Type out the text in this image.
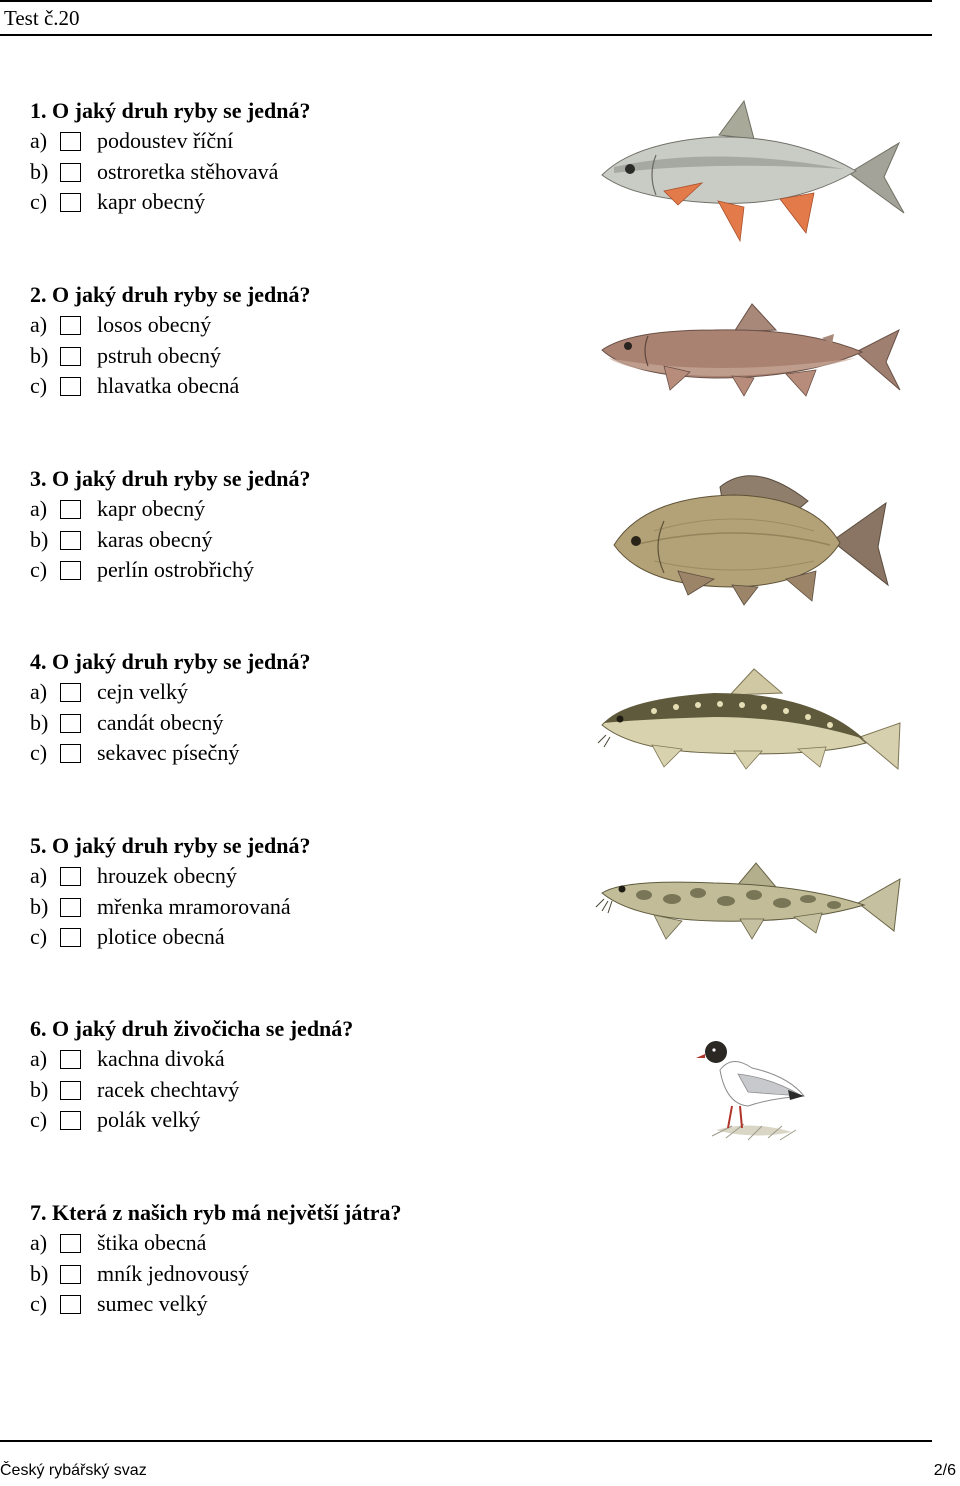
Test č.20
1. O jaký druh ryby se jedná?
a) podoustev říční
b) ostroretka stěhovavá
c) kapr obecný
2. O jaký druh ryby se jedná?
a) losos obecný
b) pstruh obecný
c) hlavatka obecná
3. O jaký druh ryby se jedná?
a) kapr obecný
b) karas obecný
c) perlín ostrobřichý
4. O jaký druh ryby se jedná?
a) cejn velký
b) candát obecný
c) sekavec písečný
5. O jaký druh ryby se jedná?
a) hrouzek obecný
b) mřenka mramorovaná
c) plotice obecná
6. O jaký druh živočicha se jedná?
a) kachna divoká
b) racek chechtavý
c) polák velký
7. Která z našich ryb má největší játra?
a) štika obecná
b) mník jednovousý
c) sumec velký
Český rybářský svaz	2/6
